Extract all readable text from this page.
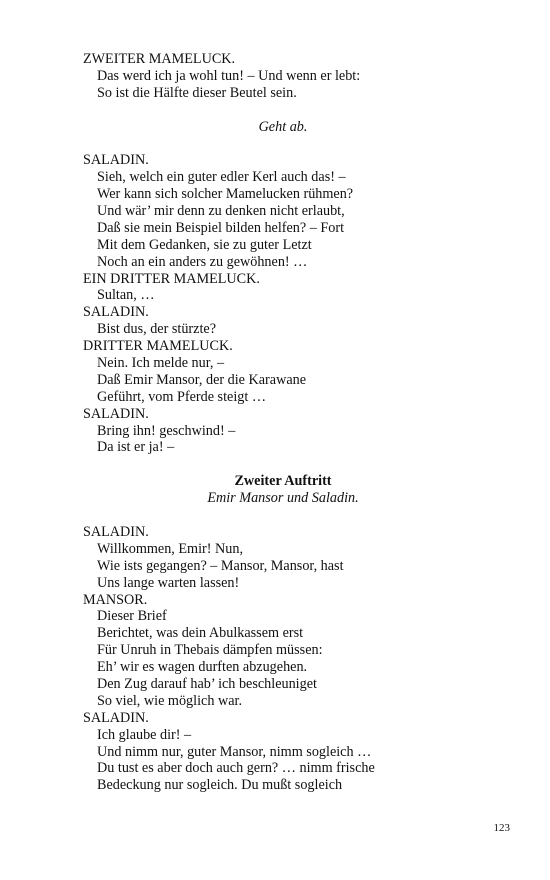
ZWEITER MAMELUCK.
Das werd ich ja wohl tun! – Und wenn er lebt:
So ist die Hälfte dieser Beutel sein.
Geht ab.
SALADIN.
Sieh, welch ein guter edler Kerl auch das! –
Wer kann sich solcher Mamelucken rühmen?
Und wär’ mir denn zu denken nicht erlaubt,
Daß sie mein Beispiel bilden helfen? – Fort
Mit dem Gedanken, sie zu guter Letzt
Noch an ein anders zu gewöhnen! …
EIN DRITTER MAMELUCK.
Sultan, …
SALADIN.
Bist dus, der stürzte?
DRITTER MAMELUCK.
Nein. Ich melde nur, –
Daß Emir Mansor, der die Karawane
Geführt, vom Pferde steigt …
SALADIN.
Bring ihn! geschwind! –
Da ist er ja! –
Zweiter Auftritt
Emir Mansor und Saladin.
SALADIN.
Willkommen, Emir! Nun,
Wie ists gegangen? – Mansor, Mansor, hast
Uns lange warten lassen!
MANSOR.
Dieser Brief
Berichtet, was dein Abulkassem erst
Für Unruh in Thebais dämpfen müssen:
Eh’ wir es wagen durften abzugehen.
Den Zug darauf hab’ ich beschleuniget
So viel, wie möglich war.
SALADIN.
Ich glaube dir! –
Und nimm nur, guter Mansor, nimm sogleich …
Du tust es aber doch auch gern? … nimm frische
Bedeckung nur sogleich. Du mußt sogleich
123
